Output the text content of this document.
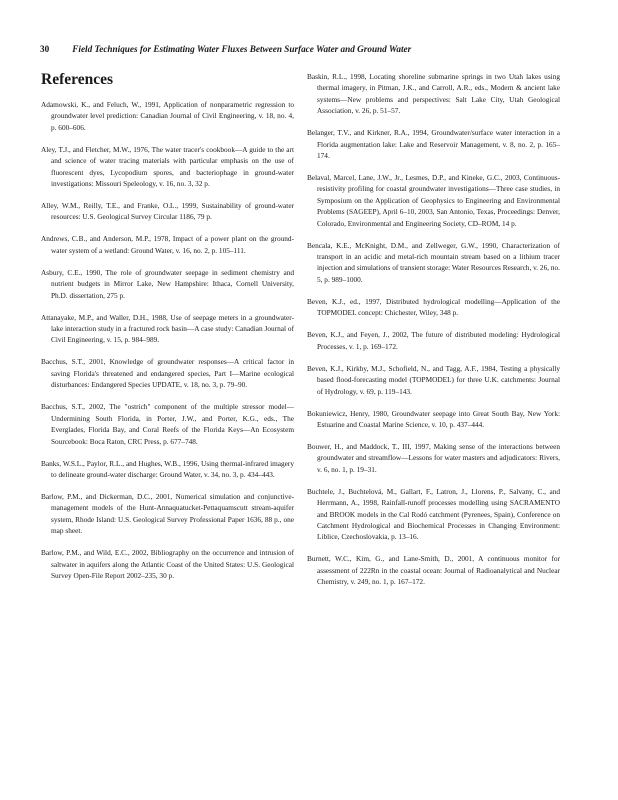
30	Field Techniques for Estimating Water Fluxes Between Surface Water and Ground Water
References

Adamowski, K., and Feluch, W., 1991, Application of nonparametric regression to groundwater level prediction: Canadian Journal of Civil Engineering, v. 18, no. 4, p. 600–606.

Aley, T.J., and Fletcher, M.W., 1976, The water tracer's cookbook—A guide to the art and science of water tracing materials with particular emphasis on the use of fluorescent dyes, Lycopodium spores, and bacteriophage in ground-water investigations: Missouri Speleology, v. 16, no. 3, 32 p.

Alley, W.M., Reilly, T.E., and Franke, O.L., 1999, Sustainability of ground-water resources: U.S. Geological Survey Circular 1186, 79 p.

Andrews, C.B., and Anderson, M.P., 1978, Impact of a power plant on the ground-water system of a wetland: Ground Water, v. 16, no. 2, p. 105–111.

Asbury, C.E., 1990, The role of groundwater seepage in sediment chemistry and nutrient budgets in Mirror Lake, New Hampshire: Ithaca, Cornell University, Ph.D. dissertation, 275 p.

Attanayake, M.P., and Waller, D.H., 1988, Use of seepage meters in a groundwater-lake interaction study in a fractured rock basin—A case study: Canadian Journal of Civil Engineering, v. 15, p. 984–989.

Bacchus, S.T., 2001, Knowledge of groundwater responses—A critical factor in saving Florida's threatened and endangered species, Part I—Marine ecological disturbances: Endangered Species UPDATE, v. 18, no. 3, p. 79–90.

Bacchus, S.T., 2002, The "ostrich" component of the multiple stressor model—Undermining South Florida, in Porter, J.W., and Porter, K.G., eds., The Everglades, Florida Bay, and Coral Reefs of the Florida Keys—An Ecosystem Sourcebook: Boca Raton, CRC Press, p. 677–748.

Banks, W.S.L., Paylor, R.L., and Hughes, W.B., 1996, Using thermal-infrared imagery to delineate ground-water discharge: Ground Water, v. 34, no. 3, p. 434–443.

Barlow, P.M., and Dickerman, D.C., 2001, Numerical simulation and conjunctive-management models of the Hunt-Annaquatucket-Pettaquamscutt stream-aquifer system, Rhode Island: U.S. Geological Survey Professional Paper 1636, 88 p., one map sheet.

Barlow, P.M., and Wild, E.C., 2002, Bibliography on the occurrence and intrusion of saltwater in aquifers along the Atlantic Coast of the United States: U.S. Geological Survey Open-File Report 2002–235, 30 p.

Baskin, R.L., 1998, Locating shoreline submarine springs in two Utah lakes using thermal imagery, in Pitman, J.K., and Carroll, A.R., eds., Modern & ancient lake systems—New problems and perspectives: Salt Lake City, Utah Geological Association, v. 26, p. 51–57.

Belanger, T.V., and Kirkner, R.A., 1994, Groundwater/surface water interaction in a Florida augmentation lake: Lake and Reservoir Management, v. 8, no. 2, p. 165–174.

Belaval, Marcel, Lane, J.W., Jr., Lesmes, D.P., and Kineke, G.C., 2003, Continuous-resistivity profiling for coastal groundwater investigations—Three case studies, in Symposium on the Application of Geophysics to Engineering and Environmental Problems (SAGEEP), April 6–10, 2003, San Antonio, Texas, Proceedings: Denver, Colorado, Environmental and Engineering Society, CD–ROM, 14 p.

Bencala, K.E., McKnight, D.M., and Zellweger, G.W., 1990, Characterization of transport in an acidic and metal-rich mountain stream based on a lithium tracer injection and simulations of transient storage: Water Resources Research, v. 26, no. 5, p. 989–1000.

Beven, K.J., ed., 1997, Distributed hydrological modelling—Application of the TOPMODEL concept: Chichester, Wiley, 348 p.

Beven, K.J., and Feyen, J., 2002, The future of distributed modeling: Hydrological Processes, v. 1, p. 169–172.

Beven, K.J., Kirkby, M.J., Schofield, N., and Tagg, A.F., 1984, Testing a physically based flood-forecasting model (TOPMODEL) for three U.K. catchments: Journal of Hydrology, v. 69, p. 119–143.

Bokuniewicz, Henry, 1980, Groundwater seepage into Great South Bay, New York: Estuarine and Coastal Marine Science, v. 10, p. 437–444.

Bouwer, H., and Maddock, T., III, 1997, Making sense of the interactions between groundwater and streamflow—Lessons for water masters and adjudicators: Rivers, v. 6, no. 1, p. 19–31.

Buchtele, J., Buchtelová, M., Gallart, F., Latron, J., Llorens, P., Salvany, C., and Herrmann, A., 1998, Rainfall-runoff processes modelling using SACRAMENTO and BROOK models in the Cal Rodó catchment (Pyrenees, Spain), Conference on Catchment Hydrological and Biochemical Processes in Changing Environment: Liblice, Czechoslovakia, p. 13–16.

Burnett, W.C., Kim, G., and Lane-Smith, D., 2001, A continuous monitor for assessment of 222Rn in the coastal ocean: Journal of Radioanalytical and Nuclear Chemistry, v. 249, no. 1, p. 167–172.
